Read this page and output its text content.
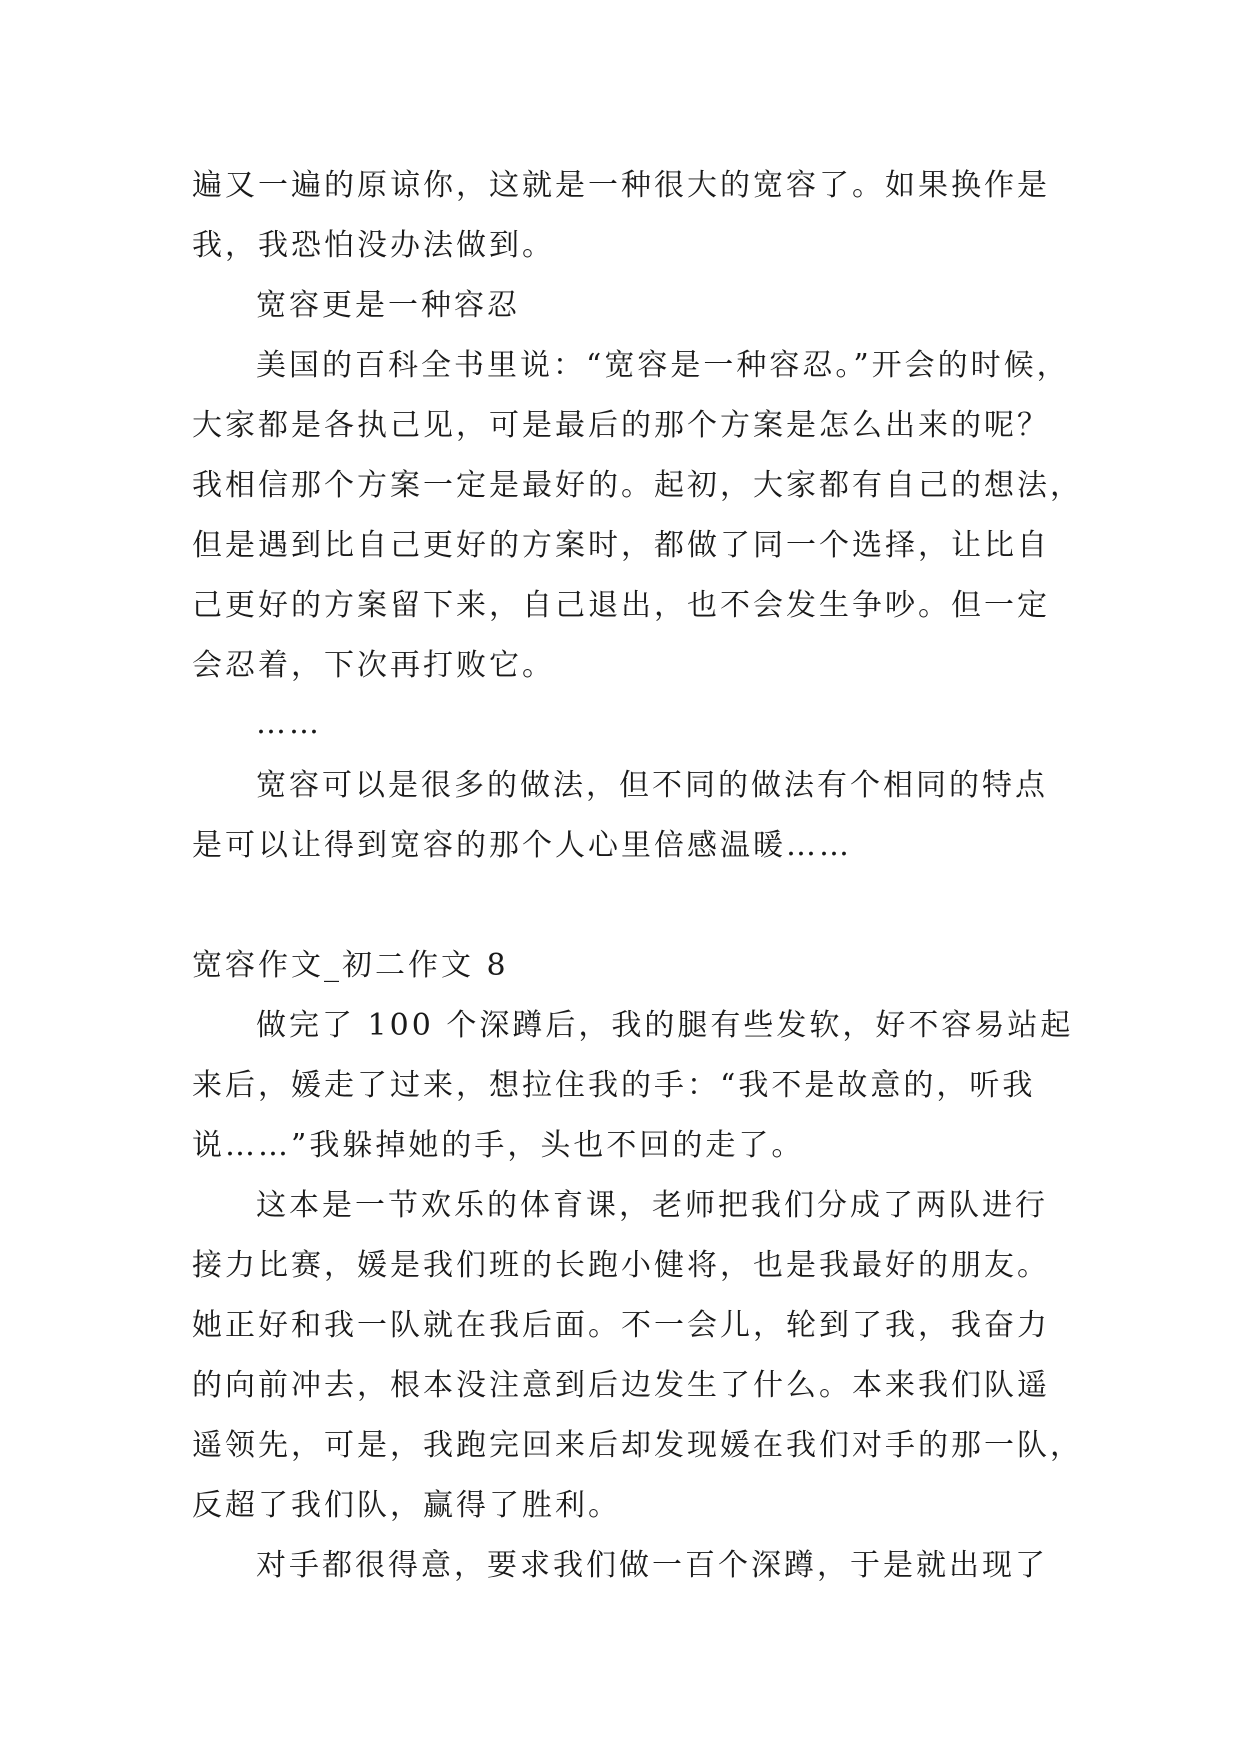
遍又一遍的原谅你，这就是一种很大的宽容了。如果换作是

我，我恐怕没办法做到。

宽容更是一种容忍

美国的百科全书里说：“宽容是一种容忍。”开会的时候，

大家都是各执己见，可是最后的那个方案是怎么出来的呢？

我相信那个方案一定是最好的。起初，大家都有自己的想法，

但是遇到比自己更好的方案时，都做了同一个选择，让比自

己更好的方案留下来，自己退出，也不会发生争吵。但一定

会忍着，下次再打败它。

……

宽容可以是很多的做法，但不同的做法有个相同的特点

是可以让得到宽容的那个人心里倍感温暖……

宽容作文_初二作文 8

做完了 100 个深蹲后，我的腿有些发软，好不容易站起

来后，媛走了过来，想拉住我的手：“我不是故意的，听我

说……”我躲掉她的手，头也不回的走了。

这本是一节欢乐的体育课，老师把我们分成了两队进行

接力比赛，媛是我们班的长跑小健将，也是我最好的朋友。

她正好和我一队就在我后面。不一会儿，轮到了我，我奋力

的向前冲去，根本没注意到后边发生了什么。本来我们队遥

遥领先，可是，我跑完回来后却发现媛在我们对手的那一队，

反超了我们队，赢得了胜利。

对手都很得意，要求我们做一百个深蹲，于是就出现了
